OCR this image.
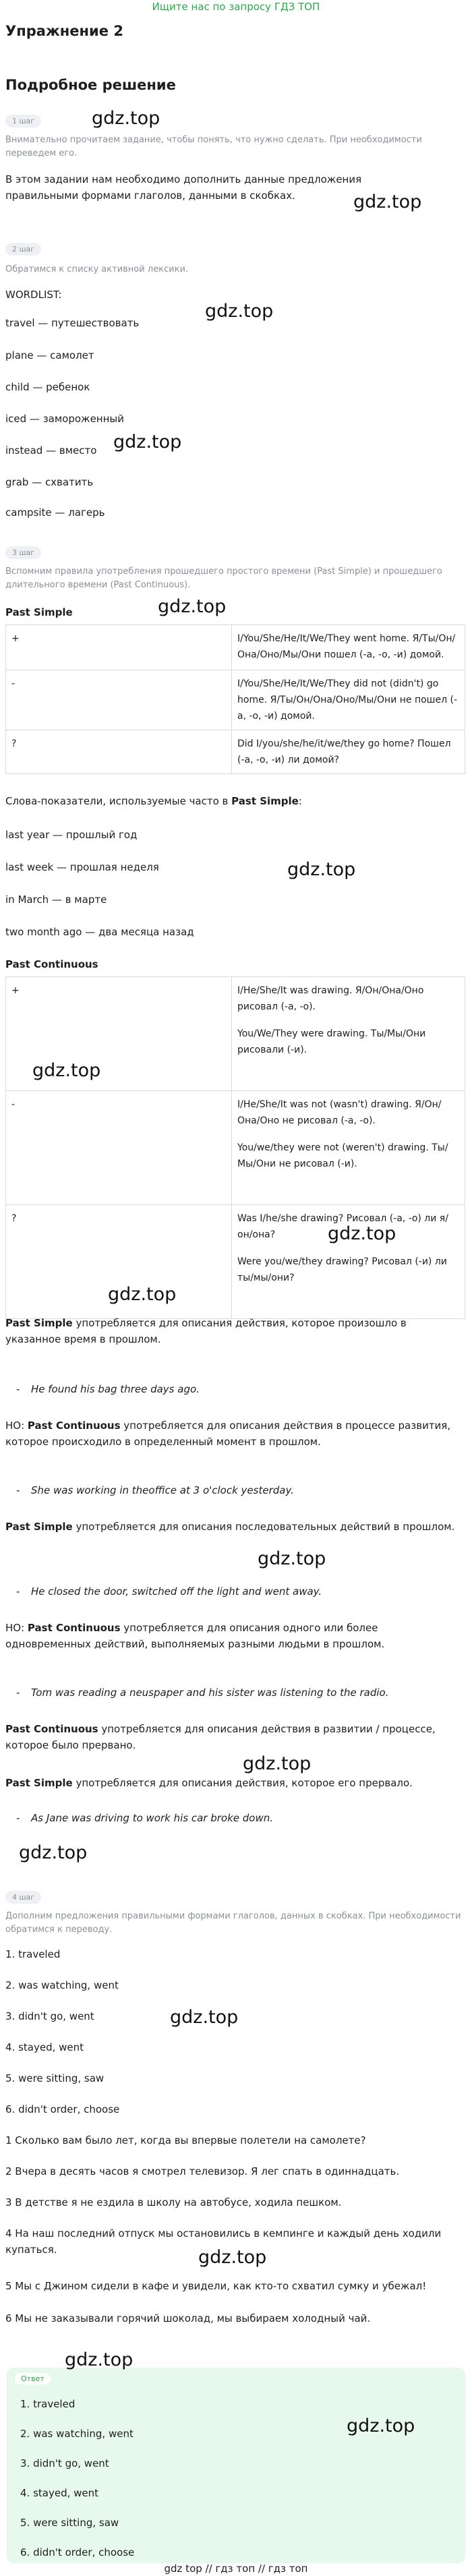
Ищите нас по запросу ГДЗ ТОП
Упражнение 2
Подробное решение
1 шаг
Внимательно прочитаем задание, чтобы понять, что нужно сделать. При необходимости переведем его.
В этом задании нам необходимо дополнить данные предложения правильными формами глаголов, данными в скобках.
2 шаг
Обратимся к списку активной лексики.
WORDLIST:
travel — путешествовать
plane — самолет
child — ребенок
iced — замороженный
instead — вместо
grab — схватить
campsite — лагерь
3 шаг
Вспомним правила употребления прошедшего простого времени (Past Simple) и прошедшего длительного времени (Past Continuous).
Past Simple
+	I/You/She/He/It/We/They went home. Я/Ты/Он/Она/Оно/Мы/Они пошел (-а, -о, -и) домой.
-	I/You/She/He/It/We/They did not (didn't) go home. Я/Ты/Он/Она/Оно/Мы/Они не пошел (-а, -о, -и) домой.
?	Did I/you/she/he/it/we/they go home? Пошел (-а, -о, -и) ли домой?
Слова-показатели, используемые часто в Past Simple:
last year — прошлый год
last week — прошлая неделя
in March — в марте
two month ago — два месяца назад
Past Continuous
+	I/He/She/It was drawing. Я/Он/Она/Оно рисовал (-а, -о).
You/We/They were drawing. Ты/Мы/Они рисовали (-и).

-	I/He/She/It was not (wasn't) drawing. Я/Он/Она/Оно не рисовал (-а, -о).
You/we/they were not (weren't) drawing. Ты/Мы/Они не рисовал (-и).

?	Was I/he/she drawing? Рисовал (-а, -о) ли я/он/она?
Were you/we/they drawing? Рисовал (-и) ли ты/мы/они?
Past Simple употребляется для описания действия, которое произошло в указанное время в прошлом.
- He found his bag three days ago.
НО: Past Continuous употребляется для описания действия в процессе развития, которое происходило в определенный момент в прошлом.
- She was working in theoffice at 3 o'clock yesterday.
Past Simple употребляется для описания последовательных действий в прошлом.
- He closed the door, switched off the light and went away.
НО: Past Continuous употребляется для описания одного или более одновременных действий, выполняемых разными людьми в прошлом.
- Tom was reading a neuspaper and his sister was listening to the radio.
Past Continuous употребляется для описания действия в развитии / процессе, которое было прервано.
Past Simple употребляется для описания действия, которое его прервало.
- As Jane was driving to work his car broke down.
4 шаг
Дополним предложения правильными формами глаголов, данных в скобках. При необходимости обратимся к переводу.
1. traveled
2. was watching, went
3. didn't go, went
4. stayed, went
5. were sitting, saw
6. didn't order, choose
1 Сколько вам было лет, когда вы впервые полетели на самолете?
2 Вчера в десять часов я смотрел телевизор. Я лег спать в одиннадцать.
3 В детстве я не ездила в школу на автобусе, ходила пешком.
4 На наш последний отпуск мы остановились в кемпинге и каждый день ходили купаться.
5 Мы с Джином сидели в кафе и увидели, как кто-то схватил сумку и убежал!
6 Мы не заказывали горячий шоколад, мы выбираем холодный чай.
Ответ
1. traveled
2. was watching, went
3. didn't go, went
4. stayed, went
5. were sitting, saw
6. didn't order, choose
gdz.top
gdz.top
gdz.top
gdz.top
gdz.top
gdz.top
gdz.top
gdz.top
gdz.top
gdz.top
gdz.top
gdz.top
gdz.top
gdz.top
gdz.top
gdz.top
gdz top // гдз топ // гдз топ
